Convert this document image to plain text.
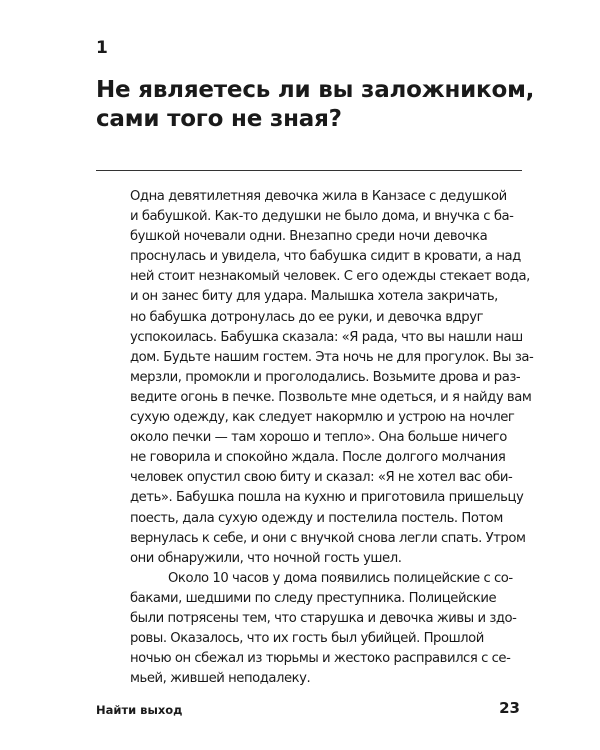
1
Не являетесь ли вы заложником,
сами того не зная?
Одна девятилетняя девочка жила в Канзасе с дедушкой
и бабушкой. Как-то дедушки не было дома, и внучка с ба-
бушкой ночевали одни. Внезапно среди ночи девочка
проснулась и увидела, что бабушка сидит в кровати, а над
ней стоит незнакомый человек. С его одежды стекает вода,
и он занес биту для удара. Малышка хотела закричать,
но бабушка дотронулась до ее руки, и девочка вдруг
успокоилась. Бабушка сказала: «Я рада, что вы нашли наш
дом. Будьте нашим гостем. Эта ночь не для прогулок. Вы за-
мерзли, промокли и проголодались. Возьмите дрова и раз-
ведите огонь в печке. Позвольте мне одеться, и я найду вам
сухую одежду, как следует накормлю и устрою на ночлег
около печки — там хорошо и тепло». Она больше ничего
не говорила и спокойно ждала. После долгого молчания
человек опустил свою биту и сказал: «Я не хотел вас оби-
деть». Бабушка пошла на кухню и приготовила пришельцу
поесть, дала сухую одежду и постелила постель. Потом
вернулась к себе, и они с внучкой снова легли спать. Утром
они обнаружили, что ночной гость ушел.
Около 10 часов у дома появились полицейские с со-
баками, шедшими по следу преступника. Полицейские
были потрясены тем, что старушка и девочка живы и здо-
ровы. Оказалось, что их гость был убийцей. Прошлой
ночью он сбежал из тюрьмы и жестоко расправился с се-
мьей, жившей неподалеку.
Найти выход	23
